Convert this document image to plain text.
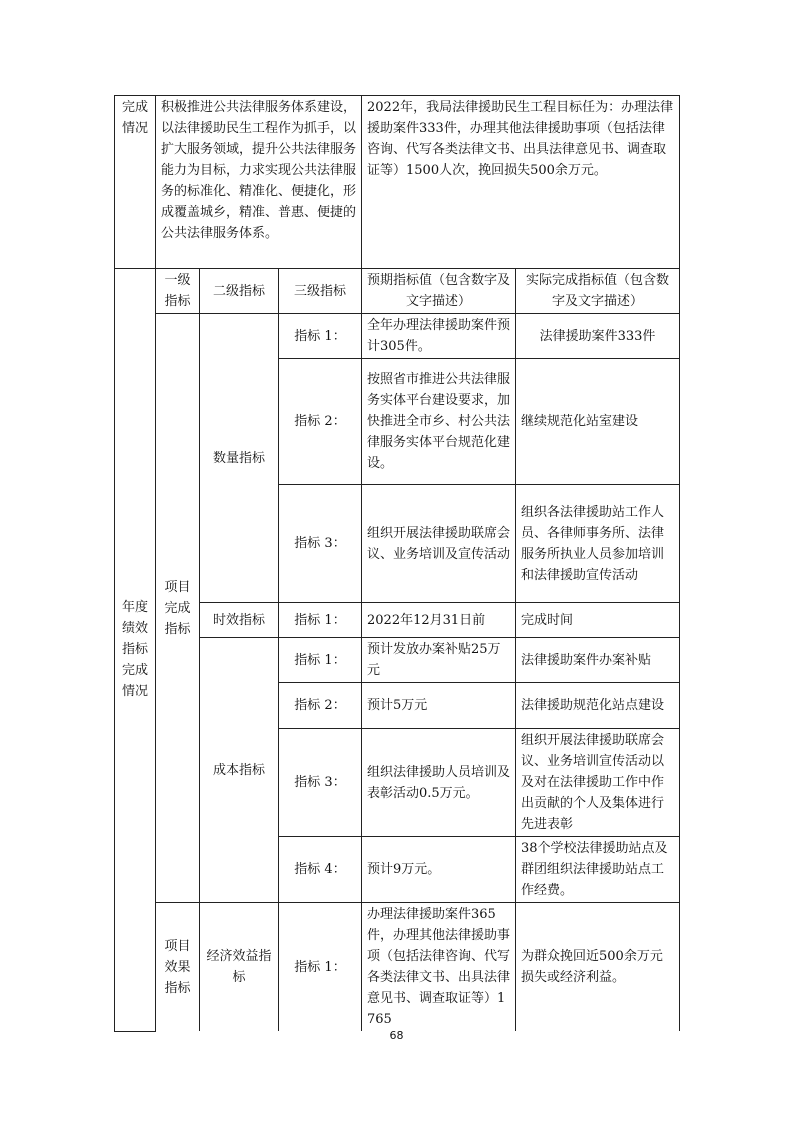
完成情况	积极推进公共法律服务体系建设，以法律援助民生工程作为抓手，以扩大服务领域，提升公共法律服务能力为目标，力求实现公共法律服务的标准化、精准化、便捷化，形成覆盖城乡，精准、普惠、便捷的公共法律服务体系。			2022年，我局法律援助民生工程目标任为：办理法律援助案件333件，办理其他法律援助事项（包括法律咨询、代写各类法律文书、出具法律意见书、调查取证等）1500人次，挽回损失500余万元。	
年度绩效指标完成情况	一级指标	二级指标	三级指标	预期指标值（包含数字及文字描述）	实际完成指标值（包含数字及文字描述）
	项目完成指标	数量指标	指标 1：	全年办理法律援助案件预计305件。	法律援助案件333件
			指标 2：	按照省市推进公共法律服务实体平台建设要求，加快推进全市乡、村公共法律服务实体平台规范化建设。	继续规范化站室建设
			指标 3：	组织开展法律援助联席会议、业务培训及宣传活动	组织各法律援助站工作人员、各律师事务所、法律服务所执业人员参加培训和法律援助宣传活动
		时效指标	指标 1：	2022年12月31日前	完成时间
		成本指标	指标 1：	预计发放办案补贴25万元	法律援助案件办案补贴
			指标 2：	预计5万元	法律援助规范化站点建设
			指标 3：	组织法律援助人员培训及表彰活动0.5万元。	组织开展法律援助联席会议、业务培训宣传活动以及对在法律援助工作中作出贡献的个人及集体进行先进表彰
			指标 4：	预计9万元。	38个学校法律援助站点及群团组织法律援助站点工作经费。
	项目效果指标	经济效益指标	指标 1：	办理法律援助案件365件，办理其他法律援助事项（包括法律咨询、代写各类法律文书、出具法律意见书、调查取证等）1765	为群众挽回近500余万元损失或经济利益。
68
